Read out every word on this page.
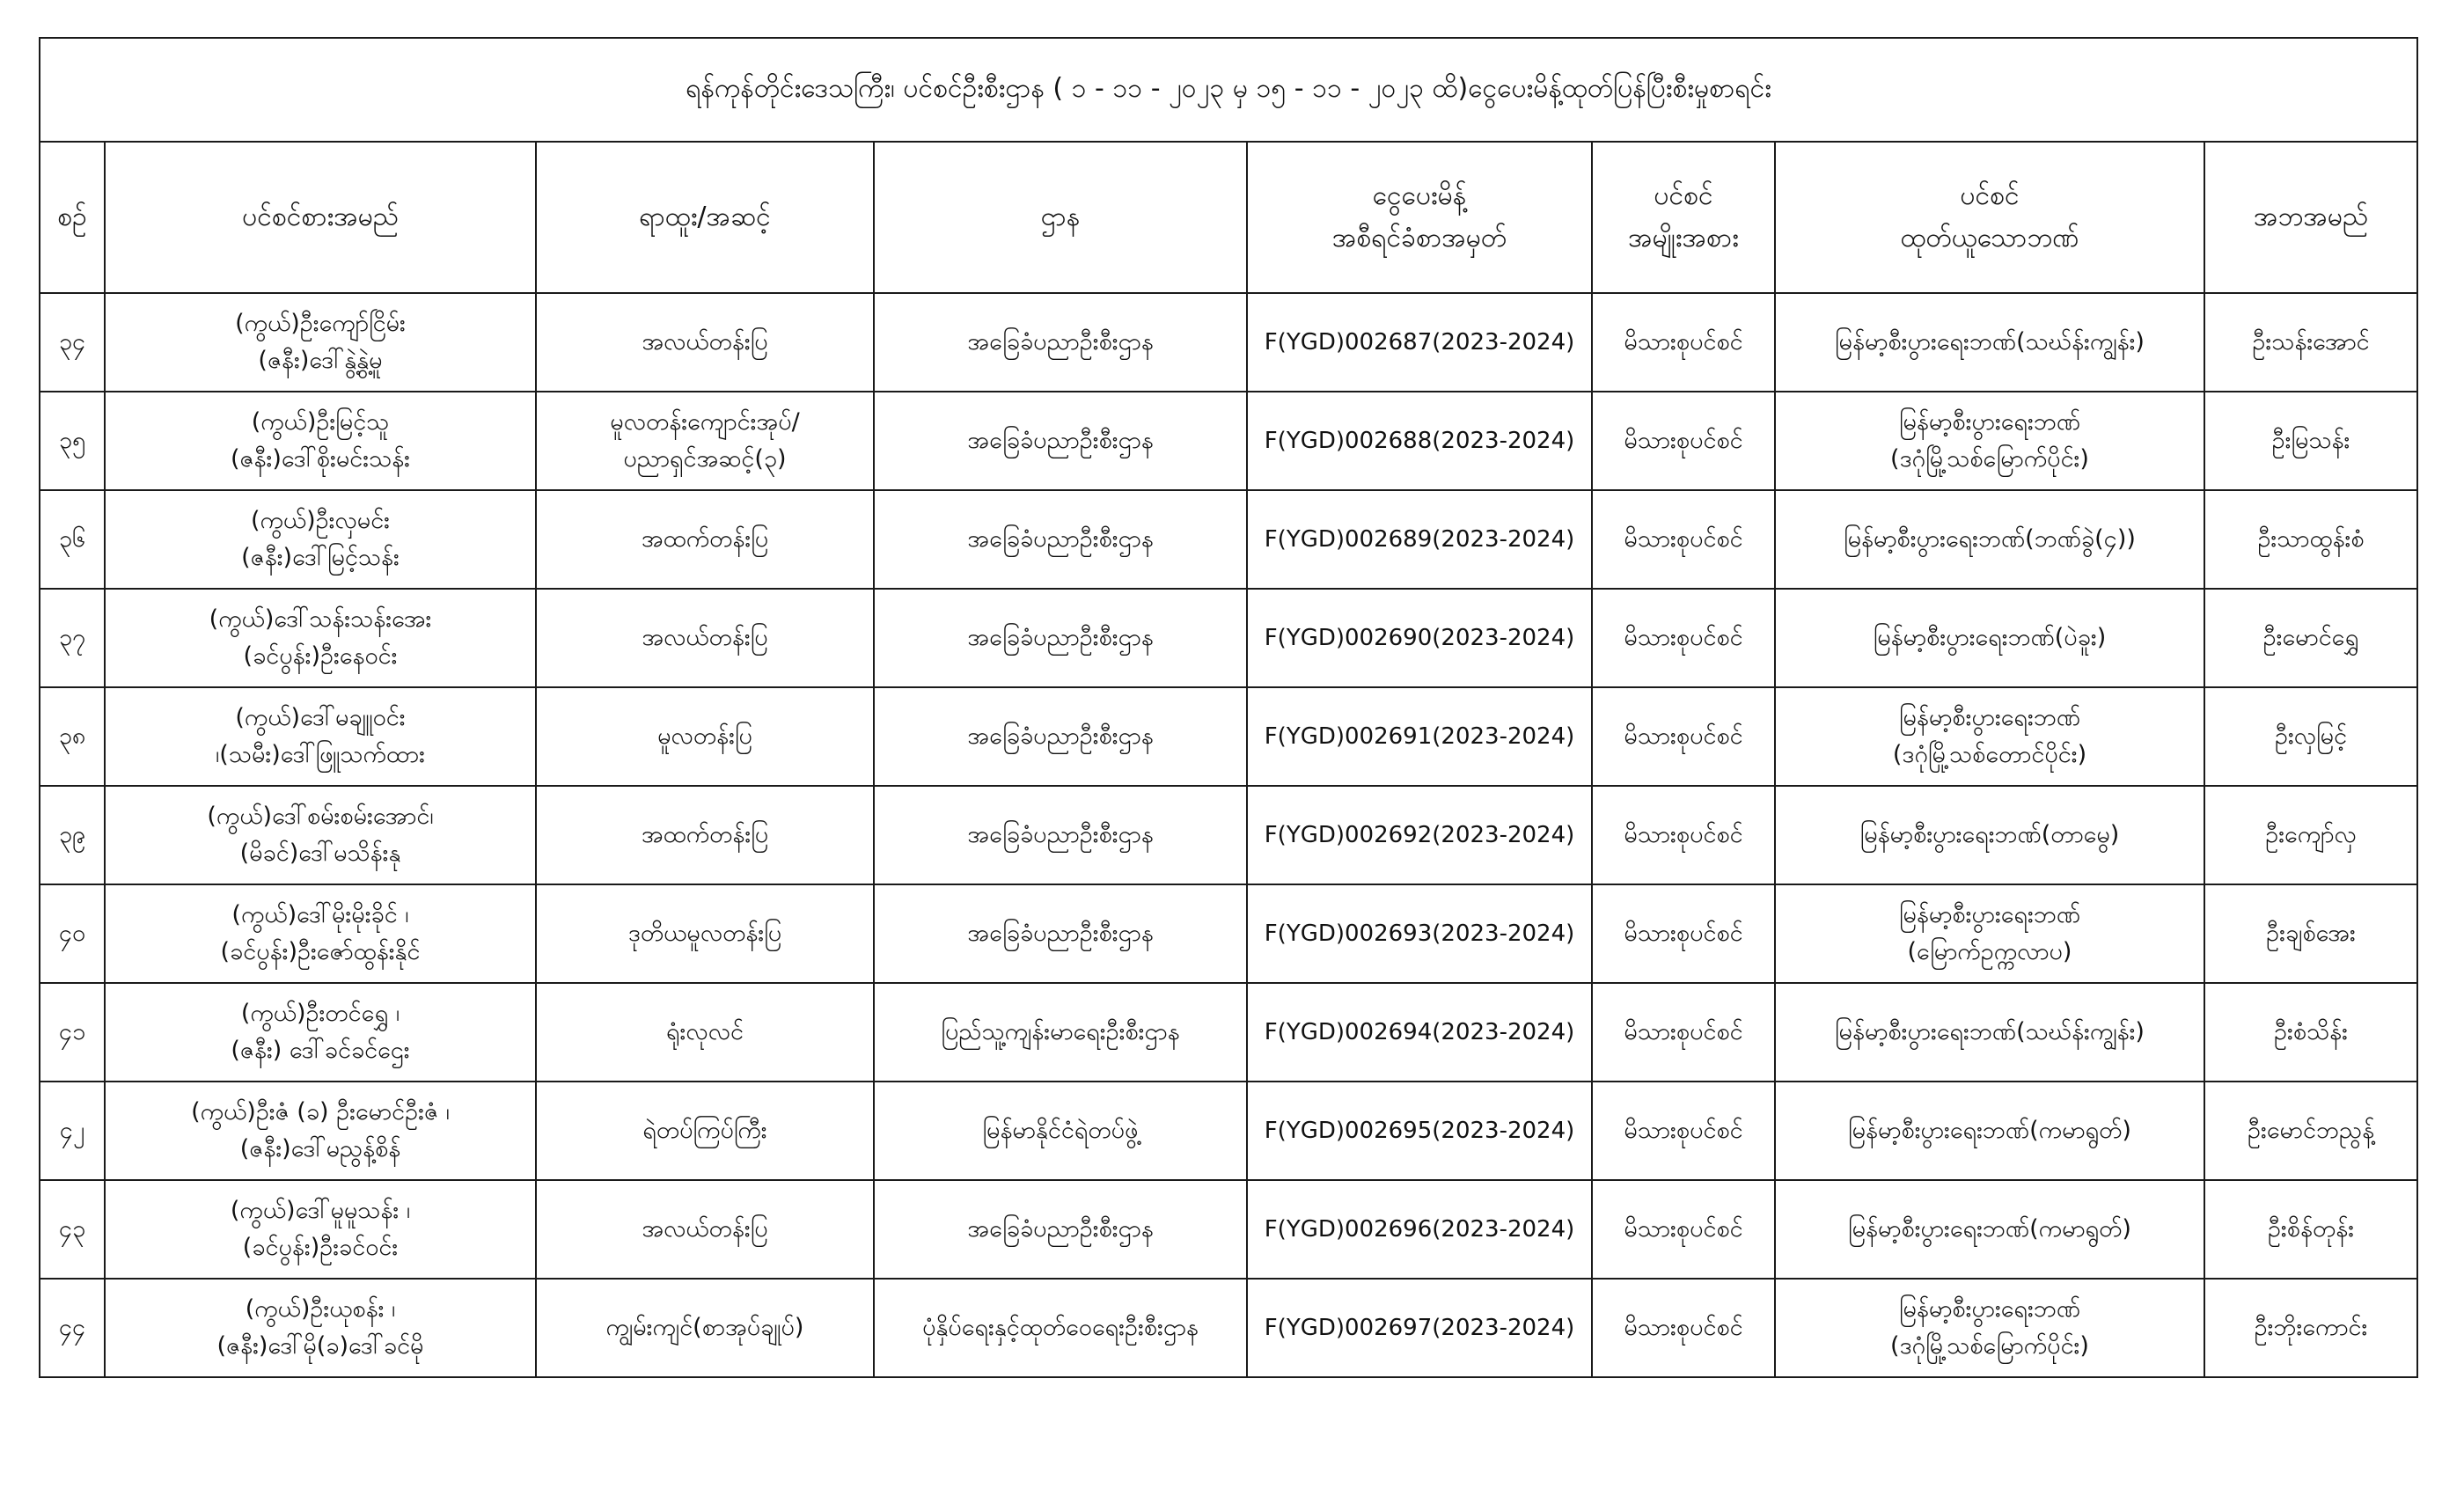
ရန်ကုန်တိုင်းဒေသကြီး၊ ပင်စင်ဦးစီးဌာန ( ၁ - ၁၁ - ၂၀၂၃ မှ ၁၅ - ၁၁ - ၂၀၂၃ ထိ)ငွေပေးမိန့်ထုတ်ပြန်ပြီးစီးမှုစာရင်း							

စဉ်	ပင်စင်စားအမည်	ရာထူး/အဆင့်	ဌာန	ငွေပေးမိန့်
အစီရင်ခံစာအမှတ်	ပင်စင်
အမျိုးအစား	ပင်စင်
ထုတ်ယူသောဘဏ်	အဘအမည်

၃၄	(ကွယ်)ဦးကျော်ငြိမ်း
(ဇနီး)ဒေါ်နွဲ့နွဲ့မူ	အလယ်တန်းပြ	အခြေခံပညာဦးစီးဌာန	F(YGD)002687(2023-2024)	မိသားစုပင်စင်	မြန်မာ့စီးပွားရေးဘဏ်(သဃ်န်းကျွန်း)	ဦးသန်းအောင်
၃၅	(ကွယ်)ဦးမြင့်သူ
(ဇနီး)ဒေါ်စိုးမင်းသန်း	မူလတန်းကျောင်းအုပ်/
ပညာရှင်အဆင့်(၃)	အခြေခံပညာဦးစီးဌာန	F(YGD)002688(2023-2024)	မိသားစုပင်စင်	မြန်မာ့စီးပွားရေးဘဏ်
(ဒဂုံမြို့သစ်မြောက်ပိုင်း)	ဦးမြသန်း
၃၆	(ကွယ်)ဦးလှမင်း
(ဇနီး)ဒေါ်မြင့်သန်း	အထက်တန်းပြ	အခြေခံပညာဦးစီးဌာန	F(YGD)002689(2023-2024)	မိသားစုပင်စင်	မြန်မာ့စီးပွားရေးဘဏ်(ဘဏ်ခွဲ(၄))	ဦးသာထွန်းစံ
၃၇	(ကွယ်)ဒေါ်သန်းသန်းအေး
(ခင်ပွန်း)ဦးနေဝင်း	အလယ်တန်းပြ	အခြေခံပညာဦးစီးဌာန	F(YGD)002690(2023-2024)	မိသားစုပင်စင်	မြန်မာ့စီးပွားရေးဘဏ်(ပဲခူး)	ဦးမောင်ရွှေ
၃၈	(ကွယ်)ဒေါ်မချူဝင်း
၊(သမီး)ဒေါ်ဖြူသက်ထား	မူလတန်းပြ	အခြေခံပညာဦးစီးဌာန	F(YGD)002691(2023-2024)	မိသားစုပင်စင်	မြန်မာ့စီးပွားရေးဘဏ်
(ဒဂုံမြို့သစ်တောင်ပိုင်း)	ဦးလှမြင့်
၃၉	(ကွယ်)ဒေါ်စမ်းစမ်းအောင်၊
(မိခင်)ဒေါ်မသိန်းနု	အထက်တန်းပြ	အခြေခံပညာဦးစီးဌာန	F(YGD)002692(2023-2024)	မိသားစုပင်စင်	မြန်မာ့စီးပွားရေးဘဏ်(တာမွေ)	ဦးကျော်လှ
၄၀	(ကွယ်)ဒေါ်မိုးမိုးခိုင် ၊
(ခင်ပွန်း)ဦးဇော်ထွန်းနိုင်	ဒုတိယမူလတန်းပြ	အခြေခံပညာဦးစီးဌာန	F(YGD)002693(2023-2024)	မိသားစုပင်စင်	မြန်မာ့စီးပွားရေးဘဏ်
(မြောက်ဥက္ကလာပ)	ဦးချစ်အေး
၄၁	(ကွယ်)ဦးတင်ရွှေ ၊
(ဇနီး) ဒေါ်ခင်ခင်ဌေး	ရုံးလုလင်	ပြည်သူ့ကျန်းမာရေးဦးစီးဌာန	F(YGD)002694(2023-2024)	မိသားစုပင်စင်	မြန်မာ့စီးပွားရေးဘဏ်(သဃ်န်းကျွန်း)	ဦးစံသိန်း
၄၂	(ကွယ်)ဦးဇံ (ခ) ဦးမောင်ဦးဇံ ၊
(ဇနီး)ဒေါ်မညွန့်စိန်	ရဲတပ်ကြပ်ကြီး	မြန်မာနိုင်ငံရဲတပ်ဖွဲ့	F(YGD)002695(2023-2024)	မိသားစုပင်စင်	မြန်မာ့စီးပွားရေးဘဏ်(ကမာရွတ်)	ဦးမောင်ဘညွန့်
၄၃	(ကွယ်)ဒေါ်မူမူသန်း ၊
(ခင်ပွန်း)ဦးခင်ဝင်း	အလယ်တန်းပြ	အခြေခံပညာဦးစီးဌာန	F(YGD)002696(2023-2024)	မိသားစုပင်စင်	မြန်မာ့စီးပွားရေးဘဏ်(ကမာရွတ်)	ဦးစိန်တုန်း
၄၄	(ကွယ်)ဦးယုစန်း ၊
(ဇနီး)ဒေါ်မို(ခ)ဒေါ်ခင်မို	ကျွမ်းကျင်(စာအုပ်ချုပ်)	ပုံနှိပ်ရေးနှင့်ထုတ်ဝေရေးဦးစီးဌာန	F(YGD)002697(2023-2024)	မိသားစုပင်စင်	မြန်မာ့စီးပွားရေးဘဏ်
(ဒဂုံမြို့သစ်မြောက်ပိုင်း)	ဦးဘိုးကောင်း
